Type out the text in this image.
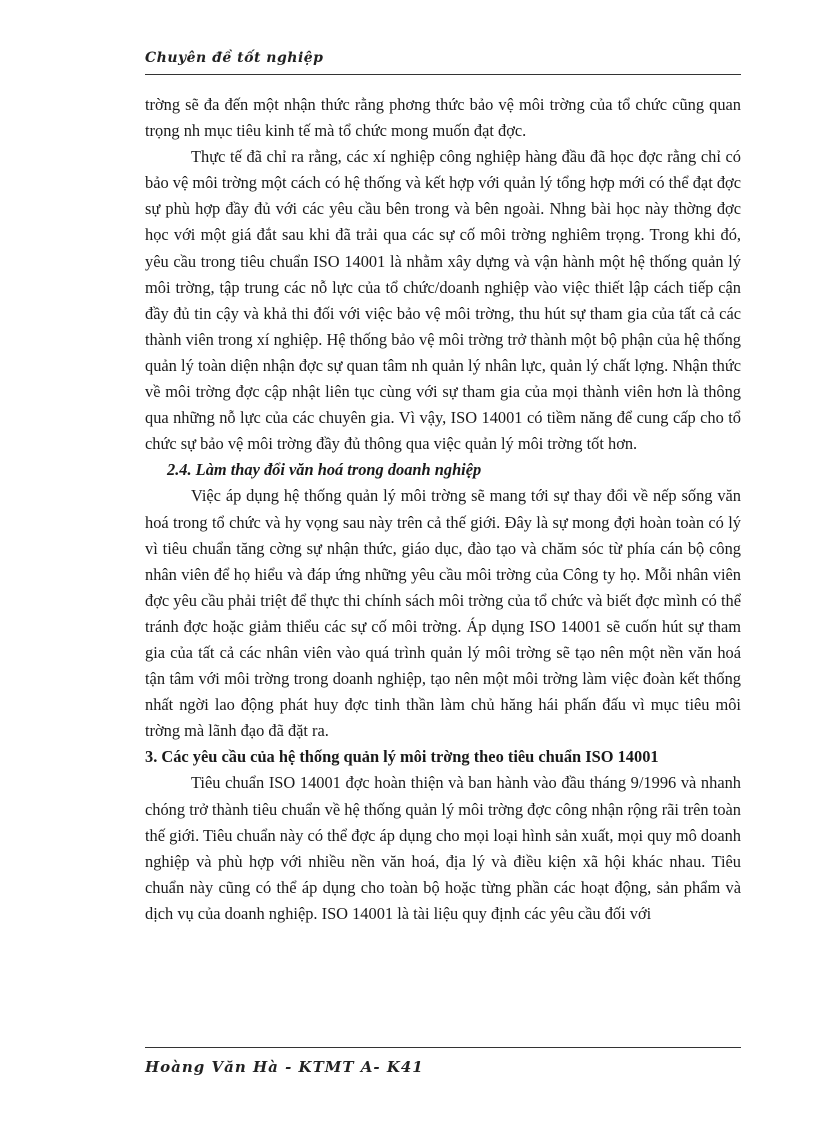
Chuyên đề tốt nghiệp

trờng sẽ đa đến một nhận thức rằng phơng thức bảo vệ môi trờng của tổ chức cũng quan trọng nh mục tiêu kinh tế mà tổ chức mong muốn đạt đợc.

Thực tế đã chỉ ra rằng, các xí nghiệp công nghiệp hàng đầu đã học đợc rằng chỉ có bảo vệ môi trờng một cách có hệ thống và kết hợp với quản lý tổng hợp mới có thể đạt đợc sự phù hợp đầy đủ với các yêu cầu bên trong và bên ngoài. Nhng bài học này thờng đợc học với một giá đắt sau khi đã trải qua các sự cố môi trờng nghiêm trọng. Trong khi đó, yêu cầu trong tiêu chuẩn ISO 14001 là nhằm xây dựng và vận hành một hệ thống quản lý môi trờng, tập trung các nỗ lực của tổ chức/doanh nghiệp vào việc thiết lập cách tiếp cận đầy đủ tin cậy và khả thi đối với việc bảo vệ môi trờng, thu hút sự tham gia của tất cả các thành viên trong xí nghiệp. Hệ thống bảo vệ môi trờng trở thành một bộ phận của hệ thống quản lý toàn diện nhận đợc sự quan tâm nh quản lý nhân lực, quản lý chất lợng. Nhận thức về môi trờng đợc cập nhật liên tục cùng với sự tham gia của mọi thành viên hơn là thông qua những nỗ lực của các chuyên gia. Vì vậy, ISO 14001 có tiềm năng để cung cấp cho tổ chức sự bảo vệ môi trờng đầy đủ thông qua việc quản lý môi trờng tốt hơn.

2.4. Làm thay đổi văn hoá trong doanh nghiệp

Việc áp dụng hệ thống quản lý môi trờng sẽ mang tới sự thay đổi về nếp sống văn hoá trong tổ chức và hy vọng sau này trên cả thế giới. Đây là sự mong đợi hoàn toàn có lý vì tiêu chuẩn tăng cờng sự nhận thức, giáo dục, đào tạo và chăm sóc từ phía cán bộ công nhân viên để họ hiểu và đáp ứng những yêu cầu môi trờng của Công ty họ. Mỗi nhân viên đợc yêu cầu phải triệt để thực thi chính sách môi trờng của tổ chức và biết đợc mình có thể tránh đợc hoặc giảm thiểu các sự cố môi trờng. Áp dụng ISO 14001 sẽ cuốn hút sự tham gia của tất cả các nhân viên vào quá trình quản lý môi trờng sẽ tạo nên một nền văn hoá tận tâm với môi trờng trong doanh nghiệp, tạo nên một môi trờng làm việc đoàn kết thống nhất ngời lao động phát huy đợc tinh thần làm chủ hăng hái phấn đấu vì mục tiêu môi trờng mà lãnh đạo đã đặt ra.

3. Các yêu cầu của hệ thống quản lý môi trờng theo tiêu chuẩn ISO 14001

Tiêu chuẩn ISO 14001 đợc hoàn thiện và ban hành vào đầu tháng 9/1996 và nhanh chóng trở thành tiêu chuẩn về hệ thống quản lý môi trờng đợc công nhận rộng rãi trên toàn thế giới. Tiêu chuẩn này có thể đợc áp dụng cho mọi loại hình sản xuất, mọi quy mô doanh nghiệp và phù hợp với nhiều nền văn hoá, địa lý và điều kiện xã hội khác nhau. Tiêu chuẩn này cũng có thể áp dụng cho toàn bộ hoặc từng phần các hoạt động, sản phẩm và dịch vụ của doanh nghiệp. ISO 14001 là tài liệu quy định các yêu cầu đối với

Hoàng Văn Hà - KTMT A- K41
